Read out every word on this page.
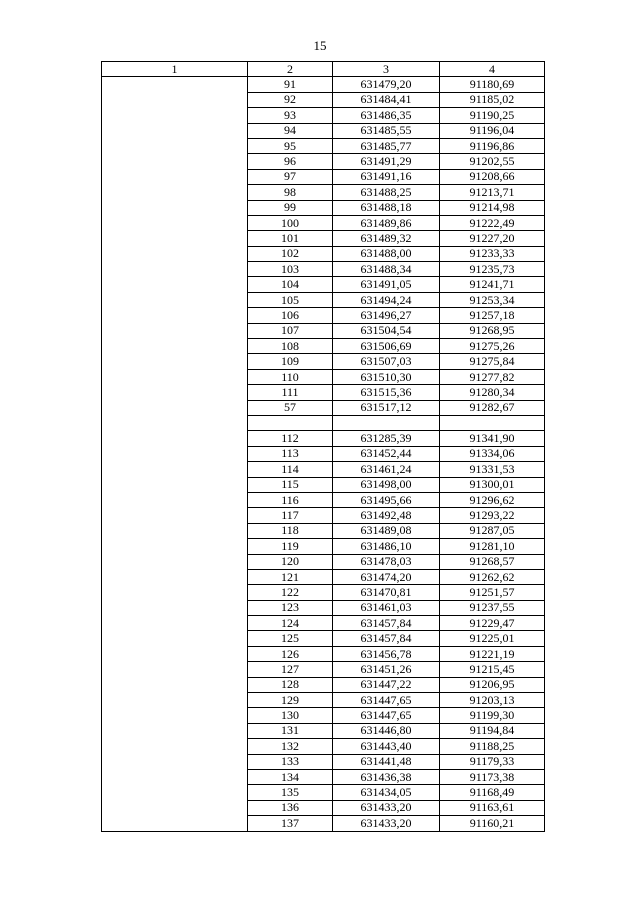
15
1	2	3	4
	91	631479,20	91180,69
	92	631484,41	91185,02
	93	631486,35	91190,25
	94	631485,55	91196,04
	95	631485,77	91196,86
	96	631491,29	91202,55
	97	631491,16	91208,66
	98	631488,25	91213,71
	99	631488,18	91214,98
	100	631489,86	91222,49
	101	631489,32	91227,20
	102	631488,00	91233,33
	103	631488,34	91235,73
	104	631491,05	91241,71
	105	631494,24	91253,34
	106	631496,27	91257,18
	107	631504,54	91268,95
	108	631506,69	91275,26
	109	631507,03	91275,84
	110	631510,30	91277,82
	111	631515,36	91280,34
	57	631517,12	91282,67

	112	631285,39	91341,90
	113	631452,44	91334,06
	114	631461,24	91331,53
	115	631498,00	91300,01
	116	631495,66	91296,62
	117	631492,48	91293,22
	118	631489,08	91287,05
	119	631486,10	91281,10
	120	631478,03	91268,57
	121	631474,20	91262,62
	122	631470,81	91251,57
	123	631461,03	91237,55
	124	631457,84	91229,47
	125	631457,84	91225,01
	126	631456,78	91221,19
	127	631451,26	91215,45
	128	631447,22	91206,95
	129	631447,65	91203,13
	130	631447,65	91199,30
	131	631446,80	91194,84
	132	631443,40	91188,25
	133	631441,48	91179,33
	134	631436,38	91173,38
	135	631434,05	91168,49
	136	631433,20	91163,61
	137	631433,20	91160,21
